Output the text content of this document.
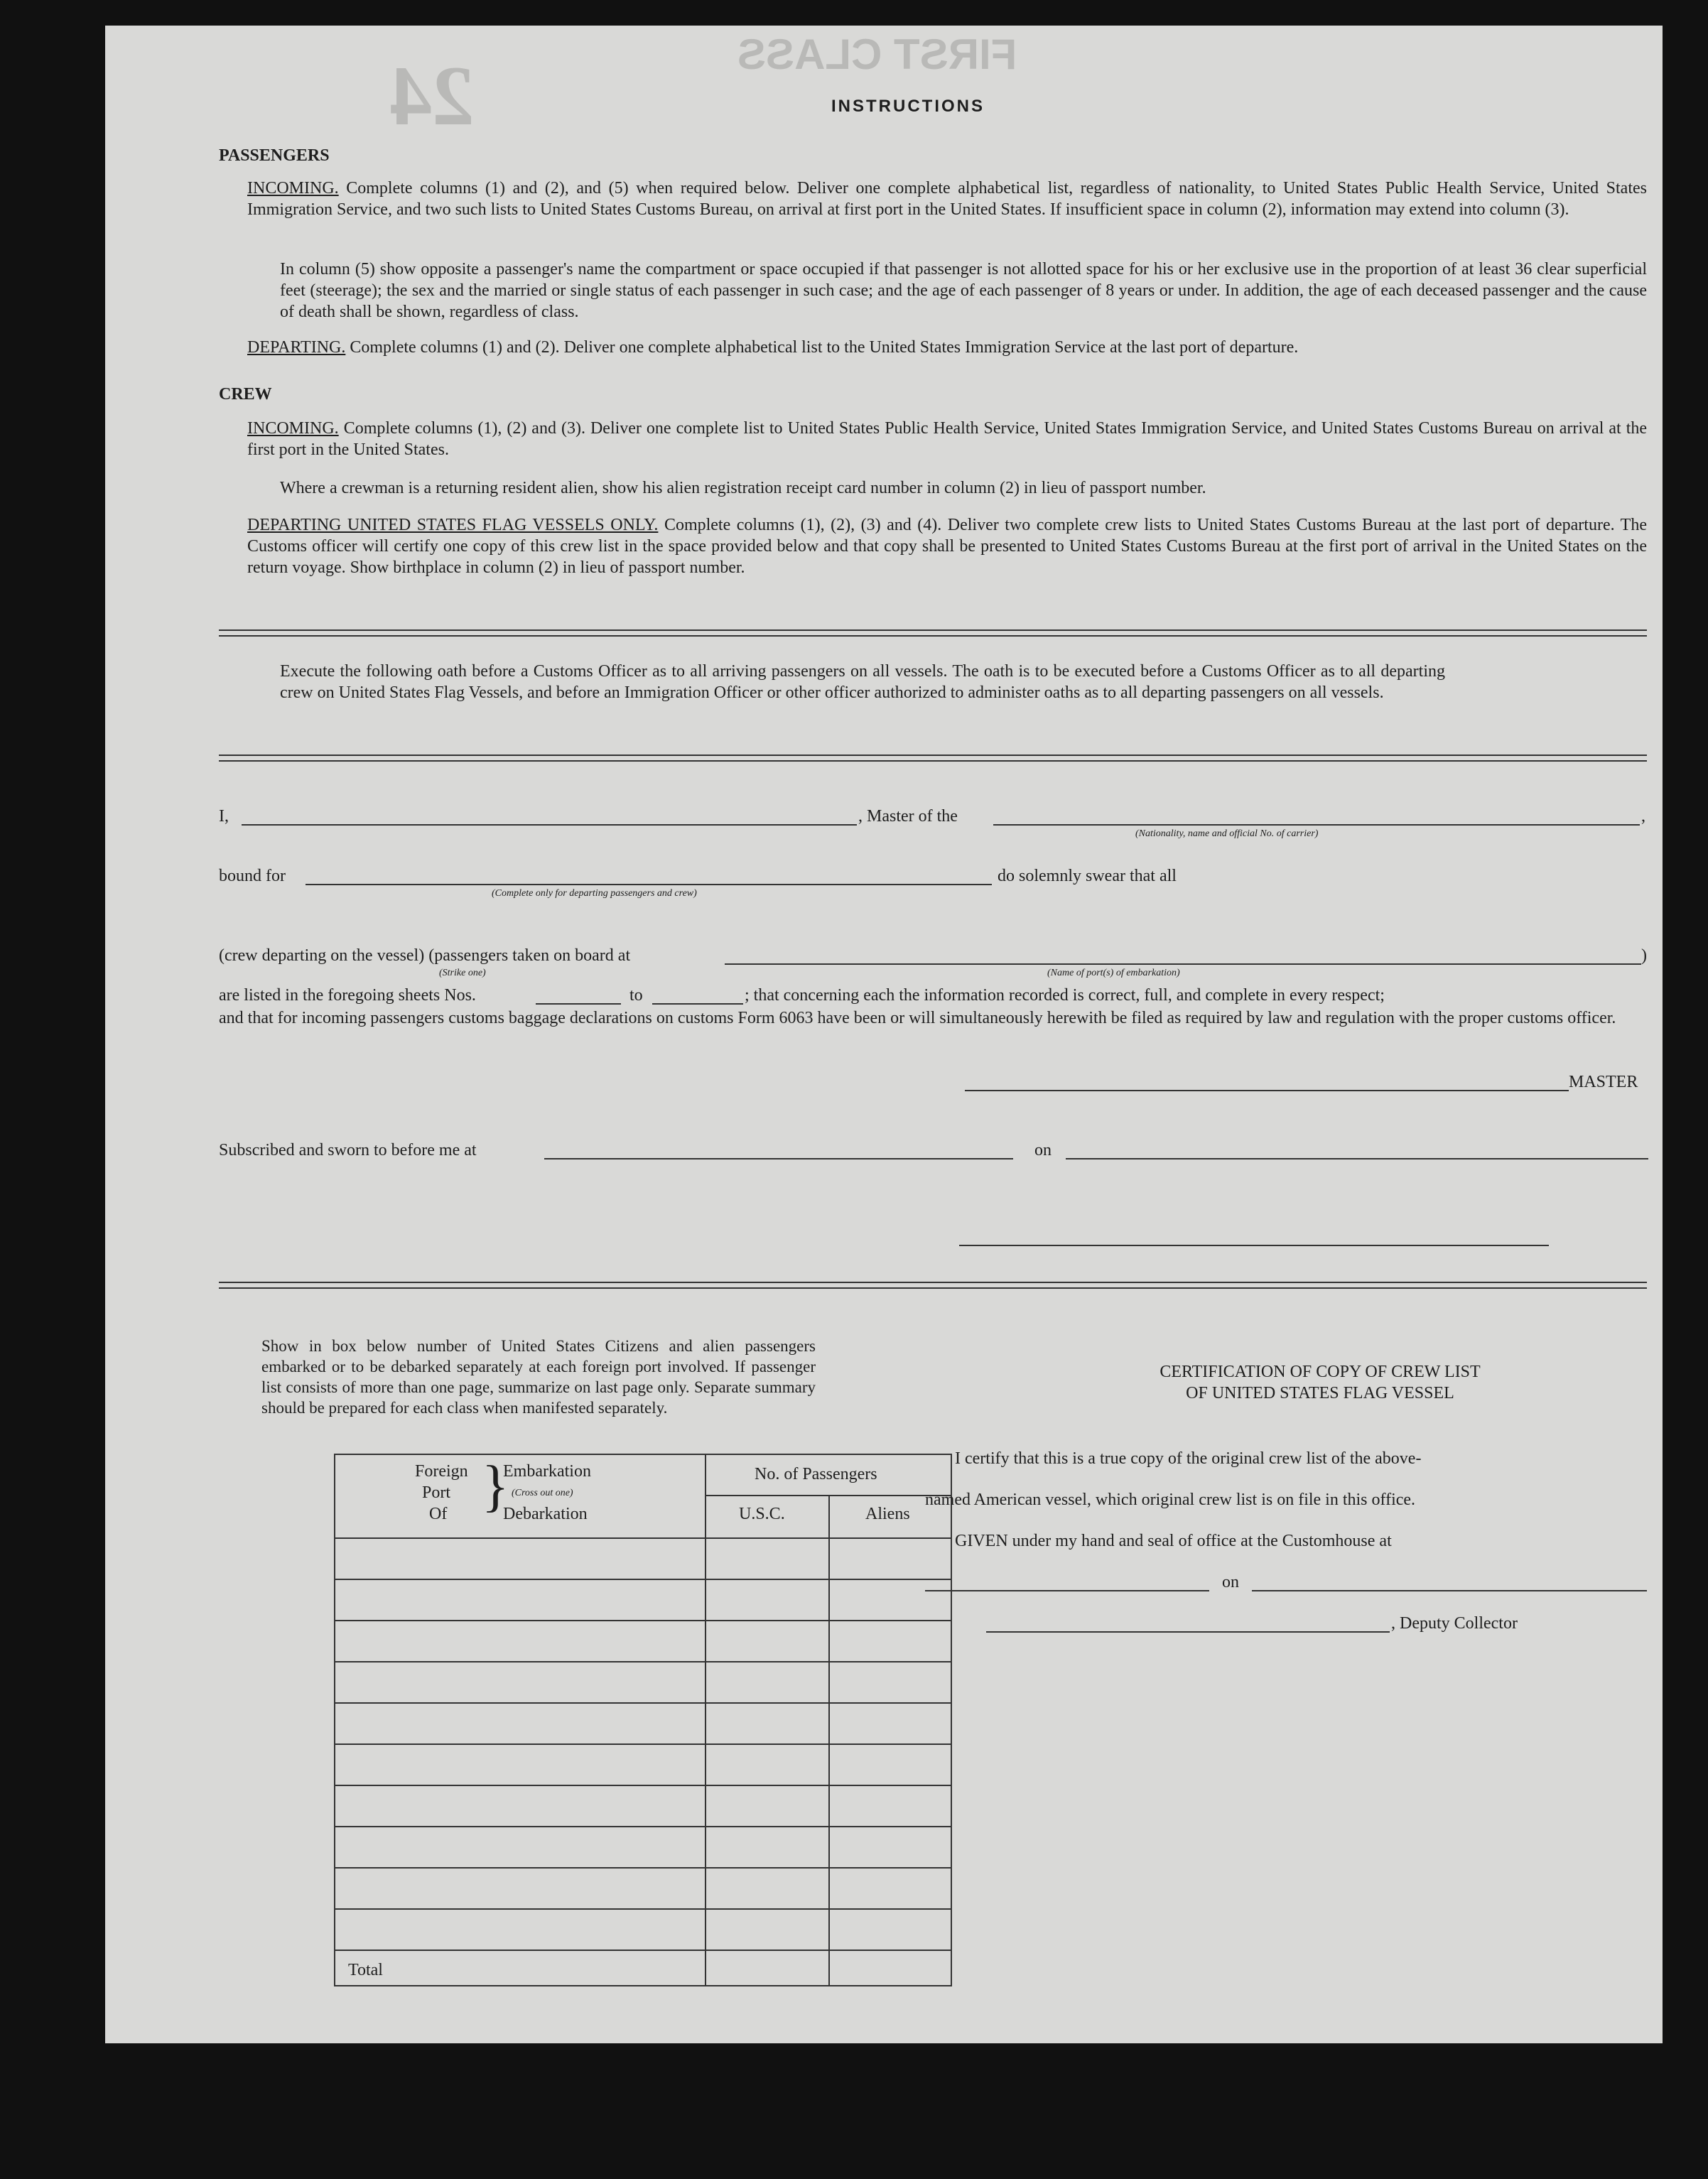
FIRST CLASS
24	INSTRUCTIONS
PASSENGERS
INCOMING. Complete columns (1) and (2), and (5) when required below. Deliver one complete alphabetical list, regardless of nationality, to United States Public Health Service, United States Immigration Service, and two such lists to United States Customs Bureau, on arrival at first port in the United States. If insufficient space in column (2), information may extend into column (3).
In column (5) show opposite a passenger's name the compartment or space occupied if that passenger is not allotted space for his or her exclusive use in the proportion of at least 36 clear superficial feet (steerage); the sex and the married or single status of each passenger in such case; and the age of each passenger of 8 years or under. In addition, the age of each deceased passenger and the cause of death shall be shown, regardless of class.
DEPARTING. Complete columns (1) and (2). Deliver one complete alphabetical list to the United States Immigration Service at the last port of departure.
CREW
INCOMING. Complete columns (1), (2) and (3). Deliver one complete list to United States Public Health Service, United States Immigration Service, and United States Customs Bureau on arrival at the first port in the United States.
Where a crewman is a returning resident alien, show his alien registration receipt card number in column (2) in lieu of passport number.
DEPARTING UNITED STATES FLAG VESSELS ONLY. Complete columns (1), (2), (3) and (4). Deliver two complete crew lists to United States Customs Bureau at the last port of departure. The Customs officer will certify one copy of this crew list in the space provided below and that copy shall be presented to United States Customs Bureau at the first port of arrival in the United States on the return voyage. Show birthplace in column (2) in lieu of passport number.
Execute the following oath before a Customs Officer as to all arriving passengers on all vessels. The oath is to be executed before a Customs Officer as to all departing crew on United States Flag Vessels, and before an Immigration Officer or other officer authorized to administer oaths as to all departing passengers on all vessels.
I,	, Master of the	,
(Nationality, name and official No. of carrier)
bound for	do solemnly swear that all
(Complete only for departing passengers and crew)
(crew departing on the vessel) (passengers taken on board at	)
(Strike one)	(Name of port(s) of embarkation)
are listed in the foregoing sheets Nos.	to	; that concerning each the information recorded is correct, full, and complete in every respect;
and that for incoming passengers customs baggage declarations on customs Form 6063 have been or will simultaneously herewith be filed as required by law and regulation with the proper customs officer.
MASTER
Subscribed and sworn to before me at	on
Show in box below number of United States Citizens and alien passengers embarked or to be debarked separately at each foreign port involved. If passenger list consists of more than one page, summarize on last page only. Separate summary should be prepared for each class when manifested separately.
Foreign
Port
Of }
Embarkation
(Cross out one)
Debarkation
No. of Passengers
U.S.C.	Aliens
Total
CERTIFICATION OF COPY OF CREW LIST
OF UNITED STATES FLAG VESSEL
I certify that this is a true copy of the original crew list of the above-
named American vessel, which original crew list is on file in this office.
GIVEN under my hand and seal of office at the Customhouse at
on
, Deputy Collector
